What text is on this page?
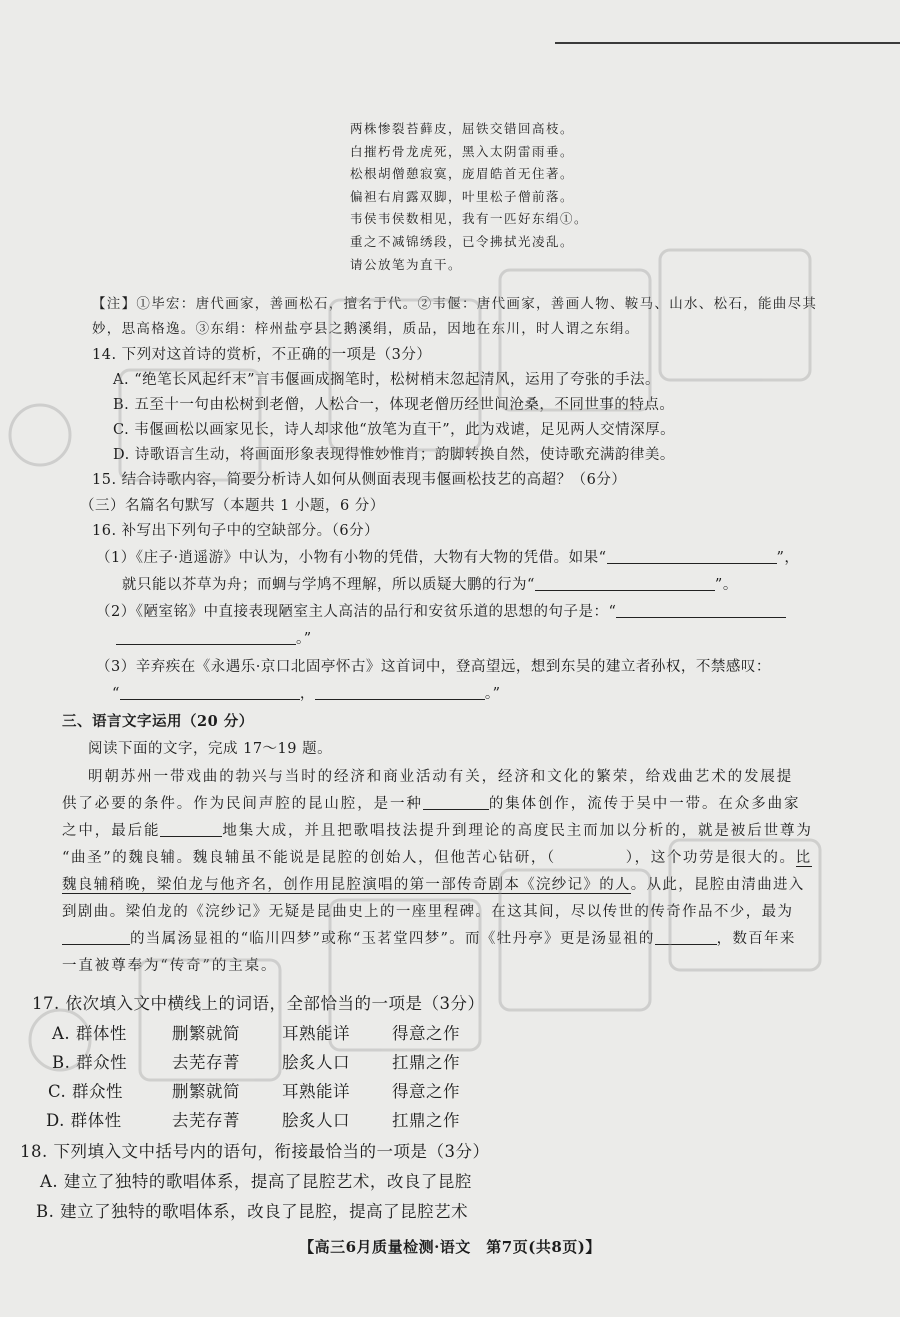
两株惨裂苔藓皮，屈铁交错回高枝。
白摧朽骨龙虎死，黑入太阴雷雨垂。
松根胡僧憩寂寞，庞眉皓首无住著。
偏袒右肩露双脚，叶里松子僧前落。
韦侯韦侯数相见，我有一匹好东绢①。
重之不减锦绣段，已令拂拭光凌乱。
请公放笔为直干。
【注】①毕宏：唐代画家，善画松石，擅名于代。②韦偃：唐代画家，善画人物、鞍马、山水、松石，能曲尽其
妙，思高格逸。③东绢：梓州盐亭县之鹅溪绢，质品，因地在东川，时人谓之东绢。
14. 下列对这首诗的赏析，不正确的一项是（3分）
A. “绝笔长风起纤末”言韦偃画成搁笔时，松树梢末忽起清风，运用了夸张的手法。
B. 五至十一句由松树到老僧，人松合一，体现老僧历经世间沧桑，不同世事的特点。
C. 韦偃画松以画家见长，诗人却求他“放笔为直干”，此为戏谑，足见两人交情深厚。
D. 诗歌语言生动，将画面形象表现得惟妙惟肖；韵脚转换自然，使诗歌充满韵律美。
15. 结合诗歌内容，简要分析诗人如何从侧面表现韦偃画松技艺的高超？（6分）
（三）名篇名句默写（本题共 1 小题，6 分）
16. 补写出下列句子中的空缺部分。（6分）
（1）《庄子·逍遥游》中认为，小物有小物的凭借，大物有大物的凭借。如果“	”，
就只能以芥草为舟；而蜩与学鸠不理解，所以质疑大鹏的行为“	”。
（2）《陋室铭》中直接表现陋室主人高洁的品行和安贫乐道的思想的句子是：“
。”
（3）辛弃疾在《永遇乐·京口北固亭怀古》这首词中，登高望远，想到东吴的建立者孙权，不禁感叹：
“	，	。”
三、语言文字运用（20 分）
阅读下面的文字，完成 17～19 题。
明朝苏州一带戏曲的勃兴与当时的经济和商业活动有关，经济和文化的繁荣，给戏曲艺术的发展提
供了必要的条件。作为民间声腔的昆山腔，是一种	的集体创作，流传于吴中一带。在众多曲家
之中，最后能	地集大成，并且把歌唱技法提升到理论的高度民主而加以分析的，就是被后世尊为
“曲圣”的魏良辅。魏良辅虽不能说是昆腔的创始人，但他苦心钻研，（	），这个功劳是很大的。比
魏良辅稍晚，梁伯龙与他齐名，创作用昆腔演唱的第一部传奇剧本《浣纱记》的人。从此，昆腔由清曲进入
到剧曲。梁伯龙的《浣纱记》无疑是昆曲史上的一座里程碑。在这其间，尽以传世的传奇作品不少，最为
的当属汤显祖的“临川四梦”或称“玉茗堂四梦”。而《牡丹亭》更是汤显祖的	，数百年来
一直被尊奉为“传奇”的主桌。
17. 依次填入文中横线上的词语，全部恰当的一项是（3分）
A. 群体性	删繁就简	耳熟能详	得意之作
B. 群众性	去芜存菁	脍炙人口	扛鼎之作
C. 群众性	删繁就简	耳熟能详	得意之作
D. 群体性	去芜存菁	脍炙人口	扛鼎之作
18. 下列填入文中括号内的语句，衔接最恰当的一项是（3分）
A. 建立了独特的歌唱体系，提高了昆腔艺术，改良了昆腔
B. 建立了独特的歌唱体系，改良了昆腔，提高了昆腔艺术
【高三6月质量检测·语文　第7页(共8页)】
